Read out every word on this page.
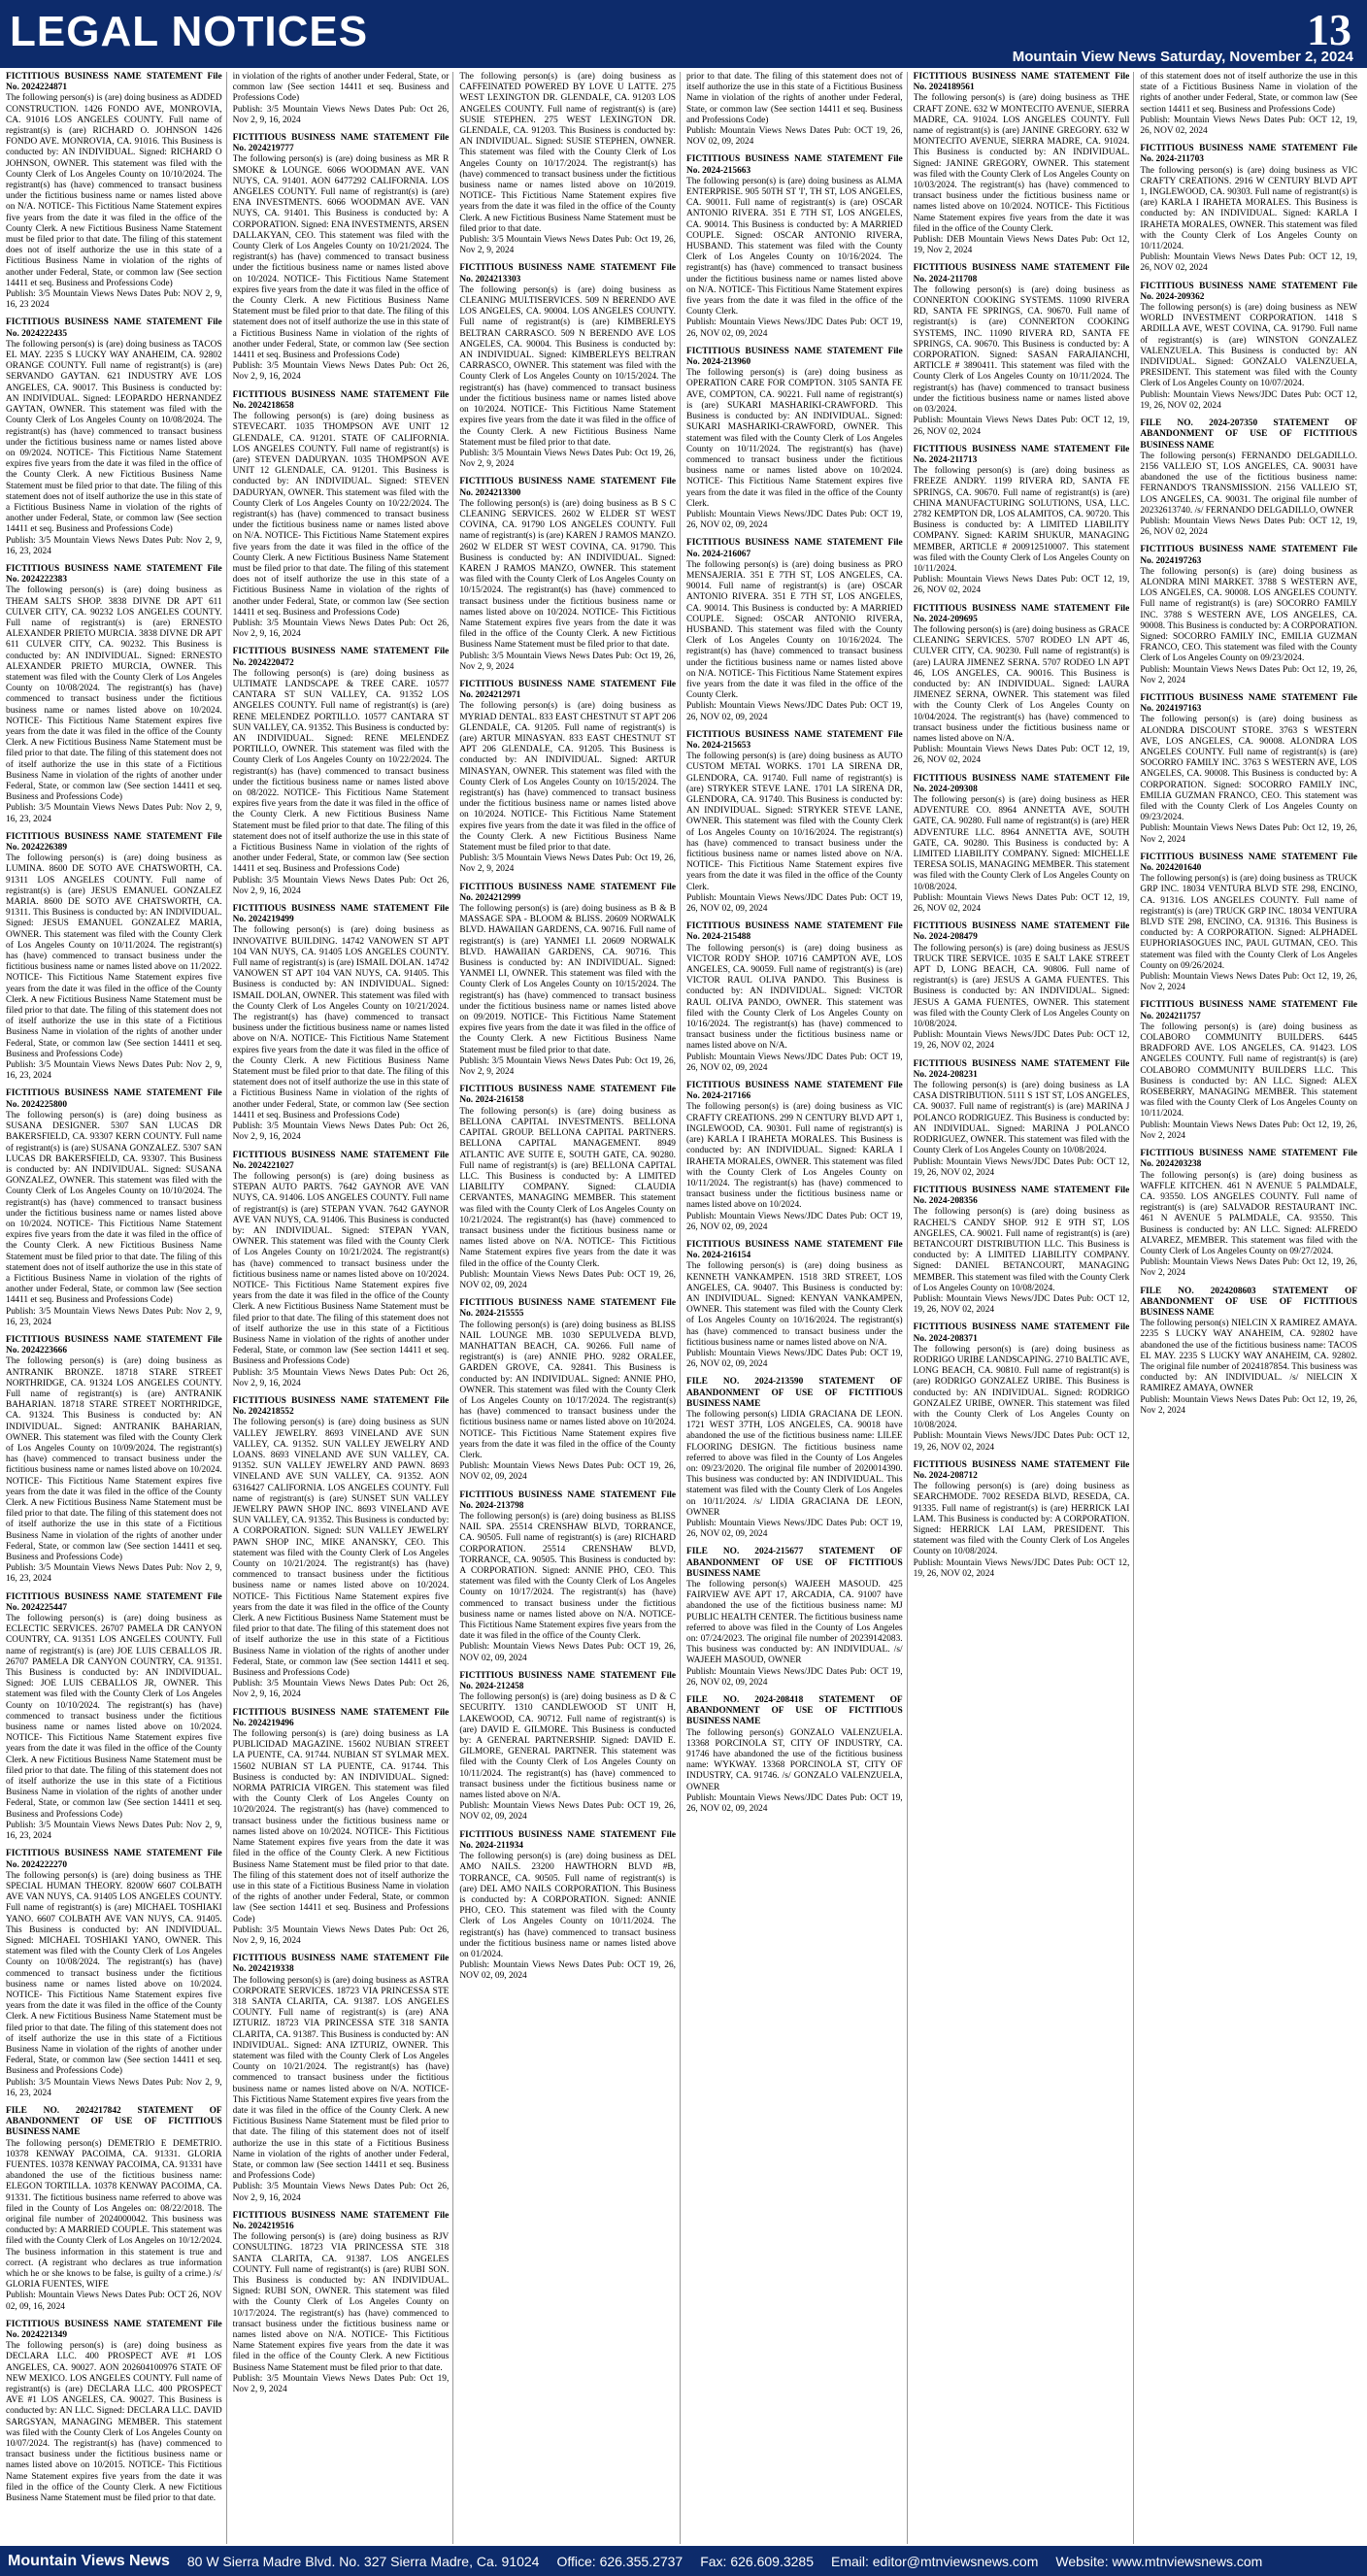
LEGAL NOTICES	13
Mountain View News Saturday, November 2, 2024
FICTITIOUS BUSINESS NAME STATEMENT File No. 2024224871
The following person(s) is (are) doing business as ADDED CONSTRUCTION. 1426 FONDO AVE, MONROVIA, CA. 91016 LOS ANGELES COUNTY. Full name of registrant(s) is (are) RICHARD O. JOHNSON 1426 FONDO AVE. MONROVIA, CA. 91016. This Business is conducted by: AN INDIVIDUAL. Signed: RICHARD O JOHNSON, OWNER. This statement was filed with the County Clerk of Los Angeles County on 10/10/2024. The registrant(s) has (have) commenced to transact business under the fictitious business name or names listed above on N/A. NOTICE- This Fictitious Name Statement expires five years from the date it was filed in the office of the County Clerk. A new Fictitious Business Name Statement must be filed prior to that date. The filing of this statement does not of itself authorize the use in this state of a Fictitious Business Name in violation of the rights of another under Federal, State, or common law (See section 14411 et seq. Business and Professions Code)
Publish: 3/5 Mountain Views News Dates Pub: NOV 2, 9, 16, 23 2024
FICTITIOUS BUSINESS NAME STATEMENT File No. 2024222435
The following person(s) is (are) doing business as TACOS EL MAY. 2235 S LUCKY WAY ANAHEIM, CA. 92802 ORANGE COUNTY. Full name of registrant(s) is (are) SERVANDO GAYTAN. 621 INDUSTRY AVE LOS ANGELES, CA. 90017. This Business is conducted by: AN INDIVIDUAL. Signed: LEOPARDO HERNANDEZ GAYTAN, OWNER. This statement was filed with the County Clerk of Los Angeles County on 10/08/2024. The registrant(s) has (have) commenced to transact business under the fictitious business name or names listed above on 09/2024. NOTICE- This Fictitious Name Statement expires five years from the date it was filed in the office of the County Clerk. A new Fictitious Business Name Statement must be filed prior to that date. The filing of this statement does not of itself authorize the use in this state of a Fictitious Business Name in violation of the rights of another under Federal, State, or common law (See section 14411 et seq. Business and Professions Code)
Publish: 3/5 Mountain Views News Dates Pub: Nov 2, 9, 16, 23, 2024
FICTITIOUS BUSINESS NAME STATEMENT File No. 2024222383
The following person(s) is (are) doing business as THEAM SALTS SHOP. 3838 DIVNE DR APT 611 CULVER CITY, CA. 90232 LOS ANGELES COUNTY. Full name of registrant(s) is (are) ERNESTO ALEXANDER PRIETO MURCIA. 3838 DIVNE DR APT 611 CULVER CITY, CA. 90232. This Business is conducted by: AN INDIVIDUAL. Signed: ERNESTO ALEXANDER PRIETO MURCIA, OWNER. This statement was filed with the County Clerk of Los Angeles County on 10/08/2024. The registrant(s) has (have) commenced to transact business under the fictitious business name or names listed above on 10/2024. NOTICE- This Fictitious Name Statement expires five years from the date it was filed in the office of the County Clerk. A new Fictitious Business Name Statement must be filed prior to that date. The filing of this statement does not of itself authorize the use in this state of a Fictitious Business Name in violation of the rights of another under Federal, State, or common law (See section 14411 et seq. Business and Professions Code)
Publish: 3/5 Mountain Views News Dates Pub: Nov 2, 9, 16, 23, 2024
FICTITIOUS BUSINESS NAME STATEMENT File No. 2024226389
The following person(s) is (are) doing business as LUMINA. 8600 DE SOTO AVE CHATSWORTH, CA. 91311 LOS ANGELES COUNTY. Full name of registrant(s) is (are) JESUS EMANUEL GONZALEZ MARIA. 8600 DE SOTO AVE CHATSWORTH, CA. 91311. This Business is conducted by: AN INDIVIDUAL. Signed: JESUS EMANUEL GONZALEZ MARIA, OWNER. This statement was filed with the County Clerk of Los Angeles County on 10/11/2024. The registrant(s) has (have) commenced to transact business under the fictitious business name or names listed above on 11/2022. NOTICE- This Fictitious Name Statement expires five years from the date it was filed in the office of the County Clerk. A new Fictitious Business Name Statement must be filed prior to that date. The filing of this statement does not of itself authorize the use in this state of a Fictitious Business Name in violation of the rights of another under Federal, State, or common law (See section 14411 et seq. Business and Professions Code)
Publish: 3/5 Mountain Views News Dates Pub: Nov 2, 9, 16, 23, 2024
FICTITIOUS BUSINESS NAME STATEMENT File No. 2024225800
The following person(s) is (are) doing business as SUSANA DESIGNER. 5307 SAN LUCAS DR BAKERSFIELD, CA. 93307 KERN COUNTY. Full name of registrant(s) is (are) SUSANA GONZALEZ. 5307 SAN LUCAS DR BAKERSFIELD, CA. 93307. This Business is conducted by: AN INDIVIDUAL. Signed: SUSANA GONZALEZ, OWNER. This statement was filed with the County Clerk of Los Angeles County on 10/10/2024. The registrant(s) has (have) commenced to transact business under the fictitious business name or names listed above on 10/2024. NOTICE- This Fictitious Name Statement expires five years from the date it was filed in the office of the County Clerk. A new Fictitious Business Name Statement must be filed prior to that date. The filing of this statement does not of itself authorize the use in this state of a Fictitious Business Name in violation of the rights of another under Federal, State, or common law (See section 14411 et seq. Business and Professions Code)
Publish: 3/5 Mountain Views News Dates Pub: Nov 2, 9, 16, 23, 2024
FICTITIOUS BUSINESS NAME STATEMENT File No. 2024223666
The following person(s) is (are) doing business as ANTRANIK BRONZE. 18718 STARE STREET NORTHRIDGE, CA. 91324 LOS ANGELES COUNTY. Full name of registrant(s) is (are) ANTRANIK BAHARIAN. 18718 STARE STREET NORTHRIDGE, CA. 91324. This Business is conducted by: AN INDIVIDUAL. Signed: ANTRANIK BAHARIAN, OWNER. This statement was filed with the County Clerk of Los Angeles County on 10/09/2024. The registrant(s) has (have) commenced to transact business under the fictitious business name or names listed above on 10/2024. NOTICE- This Fictitious Name Statement expires five years from the date it was filed in the office of the County Clerk. A new Fictitious Business Name Statement must be filed prior to that date. The filing of this statement does not of itself authorize the use in this state of a Fictitious Business Name in violation of the rights of another under Federal, State, or common law (See section 14411 et seq. Business and Professions Code)
Publish: 3/5 Mountain Views News Dates Pub: Nov 2, 9, 16, 23, 2024
FICTITIOUS BUSINESS NAME STATEMENT File No. 2024225447
The following person(s) is (are) doing business as ECLECTIC SERVICES. 26707 PAMELA DR CANYON COUNTRY, CA. 91351 LOS ANGELES COUNTY. Full name of registrant(s) is (are) JOE LUIS CEBALLOS JR. 26707 PAMELA DR CANYON COUNTRY, CA. 91351. This Business is conducted by: AN INDIVIDUAL. Signed: JOE LUIS CEBALLOS JR, OWNER. This statement was filed with the County Clerk of Los Angeles County on 10/10/2024. The registrant(s) has (have) commenced to transact business under the fictitious business name or names listed above on 10/2024. NOTICE- This Fictitious Name Statement expires five years from the date it was filed in the office of the County Clerk. A new Fictitious Business Name Statement must be filed prior to that date. The filing of this statement does not of itself authorize the use in this state of a Fictitious Business Name in violation of the rights of another under Federal, State, or common law (See section 14411 et seq. Business and Professions Code)
Publish: 3/5 Mountain Views News Dates Pub: Nov 2, 9, 16, 23, 2024
FICTITIOUS BUSINESS NAME STATEMENT File No. 2024222270
The following person(s) is (are) doing business as THE SPECIAL HUMAN THEORY. 8200W 6607 COLBATH AVE VAN NUYS, CA. 91405 LOS ANGELES COUNTY. Full name of registrant(s) is (are) MICHAEL TOSHIAKI YANO. 6607 COLBATH AVE VAN NUYS, CA. 91405. This Business is conducted by: AN INDIVIDUAL. Signed: MICHAEL TOSHIAKI YANO, OWNER. This statement was filed with the County Clerk of Los Angeles County on 10/08/2024. The registrant(s) has (have) commenced to transact business under the fictitious business name or names listed above on 10/2024. NOTICE- This Fictitious Name Statement expires five years from the date it was filed in the office of the County Clerk. A new Fictitious Business Name Statement must be filed prior to that date. The filing of this statement does not of itself authorize the use in this state of a Fictitious Business Name in violation of the rights of another under Federal, State, or common law (See section 14411 et seq. Business and Professions Code)
Publish: 3/5 Mountain Views News Dates Pub: Nov 2, 9, 16, 23, 2024
FILE NO. 2024217842 STATEMENT OF ABANDONMENT OF USE OF FICTITIOUS BUSINESS NAME
The following person(s) DEMETRIO E DEMETRIO. 10378 KENWAY PACOIMA, CA. 91331. GLORIA FUENTES. 10378 KENWAY PACOIMA, CA. 91331 have abandoned the use of the fictitious business name: ELEGON TORTILLA. 10378 KENWAY PACOIMA, CA. 91331. The fictitious business name referred to above was filed in the County of Los Angeles on: 08/22/2018. The original file number of 2024000042. This business was conducted by: A MARRIED COUPLE. This statement was filed with the County Clerk of Los Angeles on 10/12/2024. The business information in this statement is true and correct. (A registrant who declares as true information which he or she knows to be false, is guilty of a crime.) /s/ GLORIA FUENTES, WIFE
Publish: Mountain Views News Dates Pub: OCT 26, NOV 02, 09, 16, 2024
FICTITIOUS BUSINESS NAME STATEMENT File No. 2024221349
The following person(s) is (are) doing business as DECLARA LLC. 400 PROSPECT AVE #1 LOS ANGELES, CA. 90027. AON 202604100976 STATE OF NEW MEXICO. LOS ANGELES COUNTY. Full name of registrant(s) is (are) DECLARA LLC. 400 PROSPECT AVE #1 LOS ANGELES, CA. 90027. This Business is conducted by: AN LLC. Signed: DECLARA LLC. DAVID SARGSYAN, MANAGING MEMBER. This statement was filed with the County Clerk of Los Angeles County on 10/07/2024. The registrant(s) has (have) commenced to transact business under the fictitious business name or names listed above on 10/2015. NOTICE- This Fictitious Name Statement expires five years from the date it was filed in the office of the County Clerk. A new Fictitious Business Name Statement must be filed prior to that date.
in violation of the rights of another under Federal, State, or common law (See section 14411 et seq. Business and Professions Code)
Publish: 3/5 Mountain Views News Dates Pub: Oct 26, Nov 2, 9, 16, 2024
FICTITIOUS BUSINESS NAME STATEMENT File No. 2024219777
The following person(s) is (are) doing business as MR R SMOKE & LOUNGE. 6066 WOODMAN AVE. VAN NUYS, CA. 91401. AON 6477292 CALIFORNIA. LOS ANGELES COUNTY. Full name of registrant(s) is (are) ENA INVESTMENTS. 6066 WOODMAN AVE. VAN NUYS, CA. 91401. This Business is conducted by: A CORPORATION. Signed: ENA INVESTMENTS, ARSEN DALLAKYAN, CEO. This statement was filed with the County Clerk of Los Angeles County on 10/21/2024. The registrant(s) has (have) commenced to transact business under the fictitious business name or names listed above on 10/2024. NOTICE- This Fictitious Name Statement expires five years from the date it was filed in the office of the County Clerk. A new Fictitious Business Name Statement must be filed prior to that date. The filing of this statement does not of itself authorize the use in this state of a Fictitious Business Name in violation of the rights of another under Federal, State, or common law (See section 14411 et seq. Business and Professions Code)
Publish: 3/5 Mountain Views News Dates Pub: Oct 26, Nov 2, 9, 16, 2024
FICTITIOUS BUSINESS NAME STATEMENT File No. 2024218658
The following person(s) is (are) doing business as STEVECART. 1035 THOMPSON AVE UNIT 12 GLENDALE, CA. 91201. STATE OF CALIFORNIA. LOS ANGELES COUNTY. Full name of registrant(s) is (are) STEVEN DADURYAN. 1035 THOMPSON AVE UNIT 12 GLENDALE, CA. 91201. This Business is conducted by: AN INDIVIDUAL. Signed: STEVEN DADURYAN, OWNER. This statement was filed with the County Clerk of Los Angeles County on 10/22/2024. The registrant(s) has (have) commenced to transact business under the fictitious business name or names listed above on N/A. NOTICE- This Fictitious Name Statement expires five years from the date it was filed in the office of the County Clerk. A new Fictitious Business Name Statement must be filed prior to that date. The filing of this statement does not of itself authorize the use in this state of a Fictitious Business Name in violation of the rights of another under Federal, State, or common law (See section 14411 et seq. Business and Professions Code)
Publish: 3/5 Mountain Views News Dates Pub: Oct 26, Nov 2, 9, 16, 2024
FICTITIOUS BUSINESS NAME STATEMENT File No. 2024220472
The following person(s) is (are) doing business as ULTIMATE LANDSCAPE & TREE CARE. 10577 CANTARA ST SUN VALLEY, CA. 91352 LOS ANGELES COUNTY. Full name of registrant(s) is (are) RENE MELENDEZ PORTILLO. 10577 CANTARA ST SUN VALLEY, CA. 91352. This Business is conducted by: AN INDIVIDUAL. Signed: RENE MELENDEZ PORTILLO, OWNER. This statement was filed with the County Clerk of Los Angeles County on 10/22/2024. The registrant(s) has (have) commenced to transact business under the fictitious business name or names listed above on 08/2022. NOTICE- This Fictitious Name Statement expires five years from the date it was filed in the office of the County Clerk. A new Fictitious Business Name Statement must be filed prior to that date. The filing of this statement does not of itself authorize the use in this state of a Fictitious Business Name in violation of the rights of another under Federal, State, or common law (See section 14411 et seq. Business and Professions Code)
Publish: 3/5 Mountain Views News Dates Pub: Oct 26, Nov 2, 9, 16, 2024
FICTITIOUS BUSINESS NAME STATEMENT File No. 2024219499
The following person(s) is (are) doing business as INNOVATIVE BUILDING. 14742 VANOWEN ST APT 104 VAN NUYS, CA. 91405 LOS ANGELES COUNTY. Full name of registrant(s) is (are) ISMAIL DOLAN. 14742 VANOWEN ST APT 104 VAN NUYS, CA. 91405. This Business is conducted by: AN INDIVIDUAL. Signed: ISMAIL DOLAN, OWNER. This statement was filed with the County Clerk of Los Angeles County on 10/21/2024. The registrant(s) has (have) commenced to transact business under the fictitious business name or names listed above on N/A. NOTICE- This Fictitious Name Statement expires five years from the date it was filed in the office of the County Clerk. A new Fictitious Business Name Statement must be filed prior to that date. The filing of this statement does not of itself authorize the use in this state of a Fictitious Business Name in violation of the rights of another under Federal, State, or common law (See section 14411 et seq. Business and Professions Code)
Publish: 3/5 Mountain Views News Dates Pub: Oct 26, Nov 2, 9, 16, 2024
FICTITIOUS BUSINESS NAME STATEMENT File No. 2024221027
The following person(s) is (are) doing business as STEPAN AUTO PARTS. 7642 GAYNOR AVE VAN NUYS, CA. 91406. LOS ANGELES COUNTY. Full name of registrant(s) is (are) STEPAN YVAN. 7642 GAYNOR AVE VAN NUYS, CA. 91406. This Business is conducted by: AN INDIVIDUAL. Signed: STEPAN YVAN, OWNER. This statement was filed with the County Clerk of Los Angeles County on 10/21/2024. The registrant(s) has (have) commenced to transact business under the fictitious business name or names listed above on 10/2024. NOTICE- This Fictitious Name Statement expires five years from the date it was filed in the office of the County Clerk. A new Fictitious Business Name Statement must be filed prior to that date. The filing of this statement does not of itself authorize the use in this state of a Fictitious Business Name in violation of the rights of another under Federal, State, or common law (See section 14411 et seq. Business and Professions Code)
Publish: 3/5 Mountain Views News Dates Pub: Oct 26, Nov 2, 9, 16, 2024
FICTITIOUS BUSINESS NAME STATEMENT File No. 2024218552
The following person(s) is (are) doing business as SUN VALLEY JEWELRY. 8693 VINELAND AVE SUN VALLEY, CA. 91352. SUN VALLEY JEWELRY AND LOANS. 8693 VINELAND AVE SUN VALLEY, CA. 91352. SUN VALLEY JEWELRY AND PAWN. 8693 VINELAND AVE SUN VALLEY, CA. 91352. AON 6316427 CALIFORNIA. LOS ANGELES COUNTY. Full name of registrant(s) is (are) SUNSET SUN VALLEY JEWELRY PAWN SHOP INC. 8693 VINELAND AVE SUN VALLEY, CA. 91352. This Business is conducted by: A CORPORATION. Signed: SUN VALLEY JEWELRY PAWN SHOP INC, MIKE ANANSKY, CEO. This statement was filed with the County Clerk of Los Angeles County on 10/21/2024. The registrant(s) has (have) commenced to transact business under the fictitious business name or names listed above on 10/2024. NOTICE- This Fictitious Name Statement expires five years from the date it was filed in the office of the County Clerk. A new Fictitious Business Name Statement must be filed prior to that date. The filing of this statement does not of itself authorize the use in this state of a Fictitious Business Name in violation of the rights of another under Federal, State, or common law (See section 14411 et seq. Business and Professions Code)
Publish: 3/5 Mountain Views News Dates Pub: Oct 26, Nov 2, 9, 16, 2024
FICTITIOUS BUSINESS NAME STATEMENT File No. 2024219496
The following person(s) is (are) doing business as LA PUBLICIDAD MAGAZINE. 15602 NUBIAN STREET LA PUENTE, CA. 91744. NUBIAN ST SYLMAR MEX. 15602 NUBIAN ST LA PUENTE, CA. 91744. This Business is conducted by: AN INDIVIDUAL. Signed: NORMA PATRICIA VIRGEN. This statement was filed with the County Clerk of Los Angeles County on 10/20/2024. The registrant(s) has (have) commenced to transact business under the fictitious business name or names listed above on 10/2024. NOTICE- This Fictitious Name Statement expires five years from the date it was filed in the office of the County Clerk. A new Fictitious Business Name Statement must be filed prior to that date. The filing of this statement does not of itself authorize the use in this state of a Fictitious Business Name in violation of the rights of another under Federal, State, or common law (See section 14411 et seq. Business and Professions Code)
Publish: 3/5 Mountain Views News Dates Pub: Oct 26, Nov 2, 9, 16, 2024
FICTITIOUS BUSINESS NAME STATEMENT File No. 2024219338
The following person(s) is (are) doing business as ASTRA CORPORATE SERVICES. 18723 VIA PRINCESSA STE 318 SANTA CLARITA, CA. 91387. LOS ANGELES COUNTY. Full name of registrant(s) is (are) ANA IZTURIZ. 18723 VIA PRINCESSA STE 318 SANTA CLARITA, CA. 91387. This Business is conducted by: AN INDIVIDUAL. Signed: ANA IZTURIZ, OWNER. This statement was filed with the County Clerk of Los Angeles County on 10/21/2024. The registrant(s) has (have) commenced to transact business under the fictitious business name or names listed above on N/A. NOTICE- This Fictitious Name Statement expires five years from the date it was filed in the office of the County Clerk. A new Fictitious Business Name Statement must be filed prior to that date. The filing of this statement does not of itself authorize the use in this state of a Fictitious Business Name in violation of the rights of another under Federal, State, or common law (See section 14411 et seq. Business and Professions Code)
Publish: 3/5 Mountain Views News Dates Pub: Oct 26, Nov 2, 9, 16, 2024
FICTITIOUS BUSINESS NAME STATEMENT File No. 2024219516
The following person(s) is (are) doing business as RJV CONSULTING. 18723 VIA PRINCESSA STE 318 SANTA CLARITA, CA. 91387. LOS ANGELES COUNTY. Full name of registrant(s) is (are) RUBI SON. This Business is conducted by: AN INDIVIDUAL. Signed: RUBI SON, OWNER. This statement was filed with the County Clerk of Los Angeles County on 10/17/2024. The registrant(s) has (have) commenced to transact business under the fictitious business name or names listed above on N/A. NOTICE- This Fictitious Name Statement expires five years from the date it was filed in the office of the County Clerk. A new Fictitious Business Name Statement must be filed prior to that date.
Publish: 3/5 Mountain Views News Dates Pub: Oct 19, Nov 2, 9, 2024
The following person(s) is (are) doing business as CAFFEINATED POWERED BY LOVE U LATTE. 275 WEST LEXINGTON DR. GLENDALE, CA. 91203 LOS ANGELES COUNTY. Full name of registrant(s) is (are) SUSIE STEPHEN. 275 WEST LEXINGTON DR. GLENDALE, CA. 91203. This Business is conducted by: AN INDIVIDUAL. Signed: SUSIE STEPHEN, OWNER. This statement was filed with the County Clerk of Los Angeles County on 10/17/2024. The registrant(s) has (have) commenced to transact business under the fictitious business name or names listed above on 10/2019. NOTICE- This Fictitious Name Statement expires five years from the date it was filed in the office of the County Clerk. A new Fictitious Business Name Statement must be filed prior to that date.
Publish: 3/5 Mountain Views News Dates Pub: Oct 19, 26, Nov 2, 9, 2024
FICTITIOUS BUSINESS NAME STATEMENT File No. 2024213303
The following person(s) is (are) doing business as CLEANING MULTISERVICES. 509 N BERENDO AVE LOS ANGELES, CA. 90004. LOS ANGELES COUNTY. Full name of registrant(s) is (are) KIMBERLEYS BELTRAN CARRASCO. 509 N BERENDO AVE LOS ANGELES, CA. 90004. This Business is conducted by: AN INDIVIDUAL. Signed: KIMBERLEYS BELTRAN CARRASCO, OWNER. This statement was filed with the County Clerk of Los Angeles County on 10/15/2024. The registrant(s) has (have) commenced to transact business under the fictitious business name or names listed above on 10/2024. NOTICE- This Fictitious Name Statement expires five years from the date it was filed in the office of the County Clerk. A new Fictitious Business Name Statement must be filed prior to that date.
Publish: 3/5 Mountain Views News Dates Pub: Oct 19, 26, Nov 2, 9, 2024
FICTITIOUS BUSINESS NAME STATEMENT File No. 2024213300
The following person(s) is (are) doing business as B S C CLEANING SERVICES. 2602 W ELDER ST WEST COVINA, CA. 91790 LOS ANGELES COUNTY. Full name of registrant(s) is (are) KAREN J RAMOS MANZO. 2602 W ELDER ST WEST COVINA, CA. 91790. This Business is conducted by: AN INDIVIDUAL. Signed: KAREN J RAMOS MANZO, OWNER. This statement was filed with the County Clerk of Los Angeles County on 10/15/2024. The registrant(s) has (have) commenced to transact business under the fictitious business name or names listed above on 10/2024. NOTICE- This Fictitious Name Statement expires five years from the date it was filed in the office of the County Clerk. A new Fictitious Business Name Statement must be filed prior to that date.
Publish: 3/5 Mountain Views News Dates Pub: Oct 19, 26, Nov 2, 9, 2024
FICTITIOUS BUSINESS NAME STATEMENT File No. 2024212971
The following person(s) is (are) doing business as MYRIAD DENTAL. 833 EAST CHESTNUT ST APT 206 GLENDALE, CA. 91205. Full name of registrant(s) is (are) ARTUR MINASYAN. 833 EAST CHESTNUT ST APT 206 GLENDALE, CA. 91205. This Business is conducted by: AN INDIVIDUAL. Signed: ARTUR MINASYAN, OWNER. This statement was filed with the County Clerk of Los Angeles County on 10/15/2024. The registrant(s) has (have) commenced to transact business under the fictitious business name or names listed above on 10/2024. NOTICE- This Fictitious Name Statement expires five years from the date it was filed in the office of the County Clerk. A new Fictitious Business Name Statement must be filed prior to that date.
Publish: 3/5 Mountain Views News Dates Pub: Oct 19, 26, Nov 2, 9, 2024
FICTITIOUS BUSINESS NAME STATEMENT File No. 2024212999
The following person(s) is (are) doing business as B & B MASSAGE SPA - BLOOM & BLISS. 20609 NORWALK BLVD. HAWAIIAN GARDENS, CA. 90716. Full name of registrant(s) is (are) YANMEI LI. 20609 NORWALK BLVD. HAWAIIAN GARDENS, CA. 90716. This Business is conducted by: AN INDIVIDUAL. Signed: YANMEI LI, OWNER. This statement was filed with the County Clerk of Los Angeles County on 10/15/2024. The registrant(s) has (have) commenced to transact business under the fictitious business name or names listed above on 09/2019. NOTICE- This Fictitious Name Statement expires five years from the date it was filed in the office of the County Clerk. A new Fictitious Business Name Statement must be filed prior to that date.
Publish: 3/5 Mountain Views News Dates Pub: Oct 19, 26, Nov 2, 9, 2024
FICTITIOUS BUSINESS NAME STATEMENT File No. 2024-216158
The following person(s) is (are) doing business as BELLONA CAPITAL INVESTMENTS. BELLONA CAPITAL GROUP. BELLONA CAPITAL PARTNERS. BELLONA CAPITAL MANAGEMENT. 8949 ATLANTIC AVE SUITE E, SOUTH GATE, CA. 90280. Full name of registrant(s) is (are) BELLONA CAPITAL LLC. This Business is conducted by: A LIMITED LIABILITY COMPANY. Signed: CLAUDIA CERVANTES, MANAGING MEMBER. This statement was filed with the County Clerk of Los Angeles County on 10/21/2024. The registrant(s) has (have) commenced to transact business under the fictitious business name or names listed above on N/A. NOTICE- This Fictitious Name Statement expires five years from the date it was filed in the office of the County Clerk.
Publish: Mountain Views News Dates Pub: OCT 19, 26, NOV 02, 09, 2024
FICTITIOUS BUSINESS NAME STATEMENT File No. 2024-215555
The following person(s) is (are) doing business as BLISS NAIL LOUNGE MB. 1030 SEPULVEDA BLVD, MANHATTAN BEACH, CA. 90266. Full name of registrant(s) is (are) ANNIE PHO. 9282 ORALEE, GARDEN GROVE, CA. 92841. This Business is conducted by: AN INDIVIDUAL. Signed: ANNIE PHO, OWNER. This statement was filed with the County Clerk of Los Angeles County on 10/17/2024. The registrant(s) has (have) commenced to transact business under the fictitious business name or names listed above on 10/2024. NOTICE- This Fictitious Name Statement expires five years from the date it was filed in the office of the County Clerk.
Publish: Mountain Views News Dates Pub: OCT 19, 26, NOV 02, 09, 2024
FICTITIOUS BUSINESS NAME STATEMENT File No. 2024-213798
The following person(s) is (are) doing business as BLISS NAIL SPA. 25514 CRENSHAW BLVD, TORRANCE, CA. 90505. Full name of registrant(s) is (are) RICHARD CORPORATION. 25514 CRENSHAW BLVD, TORRANCE, CA. 90505. This Business is conducted by: A CORPORATION. Signed: ANNIE PHO, CEO. This statement was filed with the County Clerk of Los Angeles County on 10/17/2024. The registrant(s) has (have) commenced to transact business under the fictitious business name or names listed above on N/A. NOTICE- This Fictitious Name Statement expires five years from the date it was filed in the office of the County Clerk.
Publish: Mountain Views News Dates Pub: OCT 19, 26, NOV 02, 09, 2024
FICTITIOUS BUSINESS NAME STATEMENT File No. 2024-212458
The following person(s) is (are) doing business as D & C SECURITY. 1310 CANDLEWOOD ST UNIT H, LAKEWOOD, CA. 90712. Full name of registrant(s) is (are) DAVID E. GILMORE. This Business is conducted by: A GENERAL PARTNERSHIP. Signed: DAVID E. GILMORE, GENERAL PARTNER. This statement was filed with the County Clerk of Los Angeles County on 10/11/2024. The registrant(s) has (have) commenced to transact business under the fictitious business name or names listed above on N/A.
Publish: Mountain Views News Dates Pub: OCT 19, 26, NOV 02, 09, 2024
FICTITIOUS BUSINESS NAME STATEMENT File No. 2024-211934
The following person(s) is (are) doing business as DEL AMO NAILS. 23200 HAWTHORN BLVD #B, TORRANCE, CA. 90505. Full name of registrant(s) is (are) DEL AMO NAILS CORPORATION. This Business is conducted by: A CORPORATION. Signed: ANNIE PHO, CEO. This statement was filed with the County Clerk of Los Angeles County on 10/11/2024. The registrant(s) has (have) commenced to transact business under the fictitious business name or names listed above on 01/2024.
Publish: Mountain Views News Dates Pub: OCT 19, 26, NOV 02, 09, 2024
prior to that date. The filing of this statement does not of itself authorize the use in this state of a Fictitious Business Name in violation of the rights of another under Federal, State, or common law (See section 14411 et seq. Business and Professions Code)
Publish: Mountain Views News Dates Pub: OCT 19, 26, NOV 02, 09, 2024
FICTITIOUS BUSINESS NAME STATEMENT File No. 2024-215663
The following person(s) is (are) doing business as ALMA ENTERPRISE. 905 50TH ST 'I', TH ST, LOS ANGELES, CA. 90011. Full name of registrant(s) is (are) OSCAR ANTONIO RIVERA. 351 E 7TH ST, LOS ANGELES, CA. 90014. This Business is conducted by: A MARRIED COUPLE. Signed: OSCAR ANTONIO RIVERA, HUSBAND. This statement was filed with the County Clerk of Los Angeles County on 10/16/2024. The registrant(s) has (have) commenced to transact business under the fictitious business name or names listed above on N/A. NOTICE- This Fictitious Name Statement expires five years from the date it was filed in the office of the County Clerk.
Publish: Mountain Views News/JDC Dates Pub: OCT 19, 26, NOV 02, 09, 2024
FICTITIOUS BUSINESS NAME STATEMENT File No. 2024-213960
The following person(s) is (are) doing business as OPERATION CARE FOR COMPTON. 3105 SANTA FE AVE, COMPTON, CA. 90221. Full name of registrant(s) is (are) SUKARI MASHARIKI-CRAWFORD. This Business is conducted by: AN INDIVIDUAL. Signed: SUKARI MASHARIKI-CRAWFORD, OWNER. This statement was filed with the County Clerk of Los Angeles County on 10/11/2024. The registrant(s) has (have) commenced to transact business under the fictitious business name or names listed above on 10/2024. NOTICE- This Fictitious Name Statement expires five years from the date it was filed in the office of the County Clerk.
Publish: Mountain Views News/JDC Dates Pub: OCT 19, 26, NOV 02, 09, 2024
FICTITIOUS BUSINESS NAME STATEMENT File No. 2024-216067
The following person(s) is (are) doing business as PRO MENSAJERIA. 351 E 7TH ST, LOS ANGELES, CA. 90014. Full name of registrant(s) is (are) OSCAR ANTONIO RIVERA. 351 E 7TH ST, LOS ANGELES, CA. 90014. This Business is conducted by: A MARRIED COUPLE. Signed: OSCAR ANTONIO RIVERA, HUSBAND. This statement was filed with the County Clerk of Los Angeles County on 10/16/2024. The registrant(s) has (have) commenced to transact business under the fictitious business name or names listed above on N/A. NOTICE- This Fictitious Name Statement expires five years from the date it was filed in the office of the County Clerk.
Publish: Mountain Views News/JDC Dates Pub: OCT 19, 26, NOV 02, 09, 2024
FICTITIOUS BUSINESS NAME STATEMENT File No. 2024-215653
The following person(s) is (are) doing business as AUTO CUSTOM METAL WORKS. 1701 LA SIRENA DR, GLENDORA, CA. 91740. Full name of registrant(s) is (are) STRYKER STEVE LANE. 1701 LA SIRENA DR, GLENDORA, CA. 91740. This Business is conducted by: AN INDIVIDUAL. Signed: STRYKER STEVE LANE, OWNER. This statement was filed with the County Clerk of Los Angeles County on 10/16/2024. The registrant(s) has (have) commenced to transact business under the fictitious business name or names listed above on N/A. NOTICE- This Fictitious Name Statement expires five years from the date it was filed in the office of the County Clerk.
Publish: Mountain Views News/JDC Dates Pub: OCT 19, 26, NOV 02, 09, 2024
FICTITIOUS BUSINESS NAME STATEMENT File No. 2024-215488
The following person(s) is (are) doing business as VICTOR RODY SHOP. 10716 CAMPTON AVE, LOS ANGELES, CA. 90059. Full name of registrant(s) is (are) VICTOR RAUL OLIVA PANDO. This Business is conducted by: AN INDIVIDUAL. Signed: VICTOR RAUL OLIVA PANDO, OWNER. This statement was filed with the County Clerk of Los Angeles County on 10/16/2024. The registrant(s) has (have) commenced to transact business under the fictitious business name or names listed above on N/A.
Publish: Mountain Views News/JDC Dates Pub: OCT 19, 26, NOV 02, 09, 2024
FICTITIOUS BUSINESS NAME STATEMENT File No. 2024-217166
The following person(s) is (are) doing business as VIC CRAFTY CREATIONS. 299 N CENTURY BLVD APT 1, INGLEWOOD, CA. 90301. Full name of registrant(s) is (are) KARLA I IRAHETA MORALES. This Business is conducted by: AN INDIVIDUAL. Signed: KARLA I IRAHETA MORALES, OWNER. This statement was filed with the County Clerk of Los Angeles County on 10/11/2024. The registrant(s) has (have) commenced to transact business under the fictitious business name or names listed above on 10/2024.
Publish: Mountain Views News/JDC Dates Pub: OCT 19, 26, NOV 02, 09, 2024
FICTITIOUS BUSINESS NAME STATEMENT File No. 2024-216154
The following person(s) is (are) doing business as KENNETH VANKAMPEN. 1518 3RD STREET, LOS ANGELES, CA. 90407. This Business is conducted by: AN INDIVIDUAL. Signed: KENYAN VANKAMPEN, OWNER. This statement was filed with the County Clerk of Los Angeles County on 10/16/2024. The registrant(s) has (have) commenced to transact business under the fictitious business name or names listed above on N/A.
Publish: Mountain Views News/JDC Dates Pub: OCT 19, 26, NOV 02, 09, 2024
FILE NO. 2024-213590 STATEMENT OF ABANDONMENT OF USE OF FICTITIOUS BUSINESS NAME
The following person(s) LIDIA GRACIANA DE LEON. 1721 WEST 37TH, LOS ANGELES, CA. 90018 have abandoned the use of the fictitious business name: LILEE FLOORING DESIGN. The fictitious business name referred to above was filed in the County of Los Angeles on: 09/23/2020. The original file number of 2020014390. This business was conducted by: AN INDIVIDUAL. This statement was filed with the County Clerk of Los Angeles on 10/11/2024. /s/ LIDIA GRACIANA DE LEON, OWNER
Publish: Mountain Views News/JDC Dates Pub: OCT 19, 26, NOV 02, 09, 2024
FILE NO. 2024-215677 STATEMENT OF ABANDONMENT OF USE OF FICTITIOUS BUSINESS NAME
The following person(s) WAJEEH MASOUD. 425 FAIRVIEW AVE APT 17, ARCADIA, CA. 91007 have abandoned the use of the fictitious business name: MJ PUBLIC HEALTH CENTER. The fictitious business name referred to above was filed in the County of Los Angeles on: 07/24/2023. The original file number of 20239142083. This business was conducted by: AN INDIVIDUAL. /s/ WAJEEH MASOUD, OWNER
Publish: Mountain Views News/JDC Dates Pub: OCT 19, 26, NOV 02, 09, 2024
FILE NO. 2024-208418 STATEMENT OF ABANDONMENT OF USE OF FICTITIOUS BUSINESS NAME
The following person(s) GONZALO VALENZUELA. 13368 PORCINOLA ST, CITY OF INDUSTRY, CA. 91746 have abandoned the use of the fictitious business name: WYKWAY. 13368 PORCINOLA ST, CITY OF INDUSTRY, CA. 91746. /s/ GONZALO VALENZUELA, OWNER
Publish: Mountain Views News/JDC Dates Pub: OCT 19, 26, NOV 02, 09, 2024
FICTITIOUS BUSINESS NAME STATEMENT File No. 2024189561
The following person(s) is (are) doing business as THE CRAFT ZONE. 632 W MONTECITO AVENUE, SIERRA MADRE, CA. 91024. LOS ANGELES COUNTY. Full name of registrant(s) is (are) JANINE GREGORY. 632 W MONTECITO AVENUE, SIERRA MADRE, CA. 91024. This Business is conducted by: AN INDIVIDUAL. Signed: JANINE GREGORY, OWNER. This statement was filed with the County Clerk of Los Angeles County on 10/03/2024. The registrant(s) has (have) commenced to transact business under the fictitious business name or names listed above on 10/2024. NOTICE- This Fictitious Name Statement expires five years from the date it was filed in the office of the County Clerk.
Publish: DEB Mountain Views News Dates Pub: Oct 12, 19, Nov 2, 2024
FICTITIOUS BUSINESS NAME STATEMENT File No. 2024-211708
The following person(s) is (are) doing business as CONNERTON COOKING SYSTEMS. 11090 RIVERA RD, SANTA FE SPRINGS, CA. 90670. Full name of registrant(s) is (are) CONNERTON COOKING SYSTEMS, INC. 11090 RIVERA RD, SANTA FE SPRINGS, CA. 90670. This Business is conducted by: A CORPORATION. Signed: SASAN FARAJIANCHI, ARTICLE # 3890411. This statement was filed with the County Clerk of Los Angeles County on 10/11/2024. The registrant(s) has (have) commenced to transact business under the fictitious business name or names listed above on 03/2024.
Publish: Mountain Views News Dates Pub: OCT 12, 19, 26, NOV 02, 2024
FICTITIOUS BUSINESS NAME STATEMENT File No. 2024-211713
The following person(s) is (are) doing business as FREEZE ANDRY. 1199 RIVERA RD, SANTA FE SPRINGS, CA. 90670. Full name of registrant(s) is (are) CHINA MANUFACTURING SOLUTIONS, USA, LLC. 2782 KEMPTON DR, LOS ALAMITOS, CA. 90720. This Business is conducted by: A LIMITED LIABILITY COMPANY. Signed: KARIM SHUKUR, MANAGING MEMBER, ARTICLE # 200912510007. This statement was filed with the County Clerk of Los Angeles County on 10/11/2024.
Publish: Mountain Views News Dates Pub: OCT 12, 19, 26, NOV 02, 2024
FICTITIOUS BUSINESS NAME STATEMENT File No. 2024-209695
The following person(s) is (are) doing business as GRACE CLEANING SERVICES. 5707 RODEO LN APT 46, CULVER CITY, CA. 90230. Full name of registrant(s) is (are) LAURA JIMENEZ SERNA. 5707 RODEO LN APT 46, LOS ANGELES, CA. 90016. This Business is conducted by: AN INDIVIDUAL. Signed: LAURA JIMENEZ SERNA, OWNER. This statement was filed with the County Clerk of Los Angeles County on 10/04/2024. The registrant(s) has (have) commenced to transact business under the fictitious business name or names listed above on N/A.
Publish: Mountain Views News Dates Pub: OCT 12, 19, 26, NOV 02, 2024
FICTITIOUS BUSINESS NAME STATEMENT File No. 2024-209308
The following person(s) is (are) doing business as HER ADVENTURE CO. 8964 ANNETTA AVE, SOUTH GATE, CA. 90280. Full name of registrant(s) is (are) HER ADVENTURE LLC. 8964 ANNETTA AVE, SOUTH GATE, CA. 90280. This Business is conducted by: A LIMITED LIABILITY COMPANY. Signed: MICHELLE TERESA SOLIS, MANAGING MEMBER. This statement was filed with the County Clerk of Los Angeles County on 10/08/2024.
Publish: Mountain Views News Dates Pub: OCT 12, 19, 26, NOV 02, 2024
FICTITIOUS BUSINESS NAME STATEMENT File No. 2024-208479
The following person(s) is (are) doing business as JESUS TRUCK TIRE SERVICE. 1035 E SALT LAKE STREET APT D, LONG BEACH, CA. 90806. Full name of registrant(s) is (are) JESUS A GAMA FUENTES. This Business is conducted by: AN INDIVIDUAL. Signed: JESUS A GAMA FUENTES, OWNER. This statement was filed with the County Clerk of Los Angeles County on 10/08/2024.
Publish: Mountain Views News/JDC Dates Pub: OCT 12, 19, 26, NOV 02, 2024
FICTITIOUS BUSINESS NAME STATEMENT File No. 2024-208231
The following person(s) is (are) doing business as LA CASA DISTRIBUTION. 5111 S 1ST ST, LOS ANGELES, CA. 90037. Full name of registrant(s) is (are) MARINA J POLANCO RODRIGUEZ. This Business is conducted by: AN INDIVIDUAL. Signed: MARINA J POLANCO RODRIGUEZ, OWNER. This statement was filed with the County Clerk of Los Angeles County on 10/08/2024.
Publish: Mountain Views News/JDC Dates Pub: OCT 12, 19, 26, NOV 02, 2024
FICTITIOUS BUSINESS NAME STATEMENT File No. 2024-208356
The following person(s) is (are) doing business as RACHEL'S CANDY SHOP. 912 E 9TH ST, LOS ANGELES, CA. 90021. Full name of registrant(s) is (are) BETANCOURT DISTRIBUTION LLC. This Business is conducted by: A LIMITED LIABILITY COMPANY. Signed: DANIEL BETANCOURT, MANAGING MEMBER. This statement was filed with the County Clerk of Los Angeles County on 10/08/2024.
Publish: Mountain Views News/JDC Dates Pub: OCT 12, 19, 26, NOV 02, 2024
FICTITIOUS BUSINESS NAME STATEMENT File No. 2024-208371
The following person(s) is (are) doing business as RODRIGO URIBE LANDSCAPING. 2710 BALTIC AVE, LONG BEACH, CA. 90810. Full name of registrant(s) is (are) RODRIGO GONZALEZ URIBE. This Business is conducted by: AN INDIVIDUAL. Signed: RODRIGO GONZALEZ URIBE, OWNER. This statement was filed with the County Clerk of Los Angeles County on 10/08/2024.
Publish: Mountain Views News/JDC Dates Pub: OCT 12, 19, 26, NOV 02, 2024
FICTITIOUS BUSINESS NAME STATEMENT File No. 2024-208712
The following person(s) is (are) doing business as SEARCHMODE. 7002 RESEDA BLVD, RESEDA, CA. 91335. Full name of registrant(s) is (are) HERRICK LAI LAM. This Business is conducted by: A CORPORATION. Signed: HERRICK LAI LAM, PRESIDENT. This statement was filed with the County Clerk of Los Angeles County on 10/08/2024.
Publish: Mountain Views News/JDC Dates Pub: OCT 12, 19, 26, NOV 02, 2024
of this statement does not of itself authorize the use in this state of a Fictitious Business Name in violation of the rights of another under Federal, State, or common law (See section 14411 et seq. Business and Professions Code)
Publish: Mountain Views News Dates Pub: OCT 12, 19, 26, NOV 02, 2024
FICTITIOUS BUSINESS NAME STATEMENT File No. 2024-211703
The following person(s) is (are) doing business as VIC CRAFTY CREATIONS. 2916 W CENTURY BLVD APT 1, INGLEWOOD, CA. 90303. Full name of registrant(s) is (are) KARLA I IRAHETA MORALES. This Business is conducted by: AN INDIVIDUAL. Signed: KARLA I IRAHETA MORALES, OWNER. This statement was filed with the County Clerk of Los Angeles County on 10/11/2024.
Publish: Mountain Views News Dates Pub: OCT 12, 19, 26, NOV 02, 2024
FICTITIOUS BUSINESS NAME STATEMENT File No. 2024-209362
The following person(s) is (are) doing business as NEW WORLD INVESTMENT CORPORATION. 1418 S ARDILLA AVE, WEST COVINA, CA. 91790. Full name of registrant(s) is (are) WINSTON GONZALEZ VALENZUELA. This Business is conducted by: AN INDIVIDUAL. Signed: GONZALO VALENZUELA, PRESIDENT. This statement was filed with the County Clerk of Los Angeles County on 10/07/2024.
Publish: Mountain Views News/JDC Dates Pub: OCT 12, 19, 26, NOV 02, 2024
FILE NO. 2024-207350 STATEMENT OF ABANDONMENT OF USE OF FICTITIOUS BUSINESS NAME
The following person(s) FERNANDO DELGADILLO. 2156 VALLEJO ST, LOS ANGELES, CA. 90031 have abandoned the use of the fictitious business name: FERNANDO'S TRANSMISSION. 2156 VALLEJO ST, LOS ANGELES, CA. 90031. The original file number of 20232613740. /s/ FERNANDO DELGADILLO, OWNER
Publish: Mountain Views News Dates Pub: OCT 12, 19, 26, NOV 02, 2024
FICTITIOUS BUSINESS NAME STATEMENT File No. 2024197263
The following person(s) is (are) doing business as ALONDRA MINI MARKET. 3788 S WESTERN AVE, LOS ANGELES, CA. 90008. LOS ANGELES COUNTY. Full name of registrant(s) is (are) SOCORRO FAMILY INC. 3788 S WESTERN AVE, LOS ANGELES, CA. 90008. This Business is conducted by: A CORPORATION. Signed: SOCORRO FAMILY INC, EMILIA GUZMAN FRANCO, CEO. This statement was filed with the County Clerk of Los Angeles County on 09/23/2024.
Publish: Mountain Views News Dates Pub: Oct 12, 19, 26, Nov 2, 2024
FICTITIOUS BUSINESS NAME STATEMENT File No. 2024197163
The following person(s) is (are) doing business as ALONDRA DISCOUNT STORE. 3763 S WESTERN AVE, LOS ANGELES, CA. 90008. ALONDRA LOS ANGELES COUNTY. Full name of registrant(s) is (are) SOCORRO FAMILY INC. 3763 S WESTERN AVE, LOS ANGELES, CA. 90008. This Business is conducted by: A CORPORATION. Signed: SOCORRO FAMILY INC, EMILIA GUZMAN FRANCO, CEO. This statement was filed with the County Clerk of Los Angeles County on 09/23/2024.
Publish: Mountain Views News Dates Pub: Oct 12, 19, 26, Nov 2, 2024
FICTITIOUS BUSINESS NAME STATEMENT File No. 2024201640
The following person(s) is (are) doing business as TRUCK GRP INC. 18034 VENTURA BLVD STE 298, ENCINO, CA. 91316. LOS ANGELES COUNTY. Full name of registrant(s) is (are) TRUCK GRP INC. 18034 VENTURA BLVD STE 298, ENCINO, CA. 91316. This Business is conducted by: A CORPORATION. Signed: ALPHADEL EUPHORIASOGUES INC, PAUL GUTMAN, CEO. This statement was filed with the County Clerk of Los Angeles County on 09/26/2024.
Publish: Mountain Views News Dates Pub: Oct 12, 19, 26, Nov 2, 2024
FICTITIOUS BUSINESS NAME STATEMENT File No. 2024211757
The following person(s) is (are) doing business as COLABORO COMMUNITY BUILDERS. 6445 BRADFORD AVE. LOS ANGELES, CA. 91423. LOS ANGELES COUNTY. Full name of registrant(s) is (are) COLABORO COMMUNITY BUILDERS LLC. This Business is conducted by: AN LLC. Signed: ALEX ROSEBERRY, MANAGING MEMBER. This statement was filed with the County Clerk of Los Angeles County on 10/11/2024.
Publish: Mountain Views News Dates Pub: Oct 12, 19, 26, Nov 2, 2024
FICTITIOUS BUSINESS NAME STATEMENT File No. 2024203238
The following person(s) is (are) doing business as WAFFLE KITCHEN. 461 N AVENUE 5 PALMDALE, CA. 93550. LOS ANGELES COUNTY. Full name of registrant(s) is (are) SALVADOR RESTAURANT INC. 461 N AVENUE 5 PALMDALE, CA. 93550. This Business is conducted by: AN LLC. Signed: ALFREDO ALVAREZ, MEMBER. This statement was filed with the County Clerk of Los Angeles County on 09/27/2024.
Publish: Mountain Views News Dates Pub: Oct 12, 19, 26, Nov 2, 2024
FILE NO. 2024208603 STATEMENT OF ABANDONMENT OF USE OF FICTITIOUS BUSINESS NAME
The following person(s) NIELCIN X RAMIREZ AMAYA. 2235 S LUCKY WAY ANAHEIM, CA. 92802 have abandoned the use of the fictitious business name: TACOS EL MAY. 2235 S LUCKY WAY ANAHEIM, CA. 92802. The original file number of 2024187854. This business was conducted by: AN INDIVIDUAL. /s/ NIELCIN X RAMIREZ AMAYA, OWNER
Publish: Mountain Views News Dates Pub: Oct 12, 19, 26, Nov 2, 2024
Mountain Views News 80 W Sierra Madre Blvd. No. 327 Sierra Madre, Ca. 91024 Office: 626.355.2737 Fax: 626.609.3285 Email: editor@mtnviewsnews.com Website: www.mtnviewsnews.com
